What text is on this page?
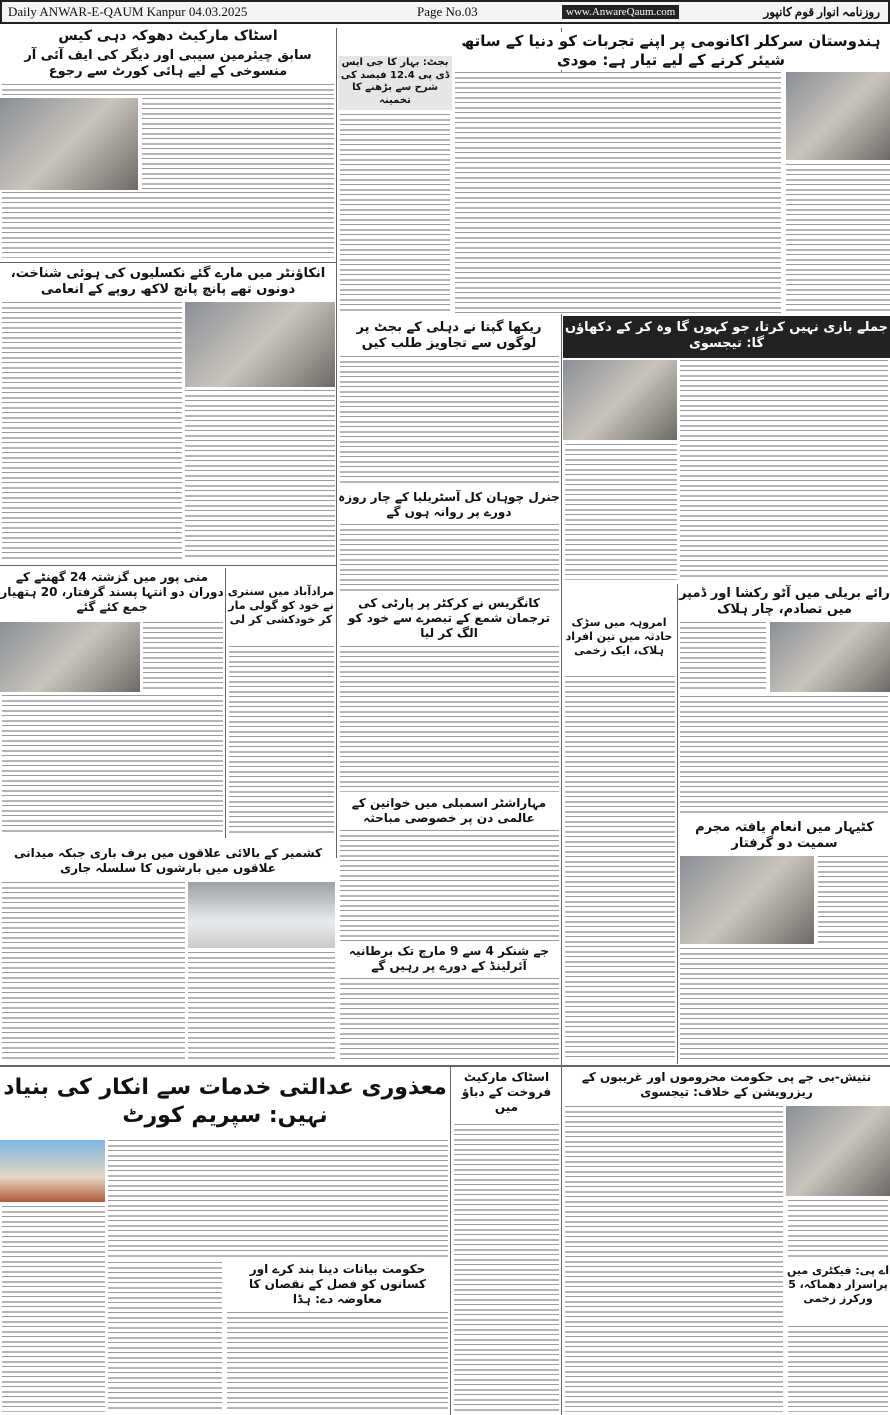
Daily ANWAR-E-QAUM Kanpur 04.03.2025	Page No.03	www.AnwareQaum.com	روزنامہ انوار قوم کانپور
ہندوستان سرکلر اکانومی پر اپنے تجربات کو دنیا کے ساتھ شیئر کرنے کے لیے تیار ہے: مودی
بجٹ: بہار کا جی ایس ڈی پی 12.4 فیصد کی شرح سے بڑھنے کا تخمینہ
اسٹاک مارکیٹ دھوکہ دہی کیس
سابق چیئرمین سیبی اور دیگر کی ایف آئی آر منسوخی کے لیے ہائی کورٹ سے رجوع
انکاؤنٹر میں مارے گئے نکسلیوں کی ہوئی شناخت، دونوں تھے پانچ پانچ لاکھ روپے کے انعامی
ریکھا گپتا نے دہلی کے بجٹ پر لوگوں سے تجاویز طلب کیں
جنرل چوہان کل آسٹریلیا کے چار روزہ دورے پر روانہ ہوں گے
جملے بازی نہیں کرتا، جو کہوں گا وہ کر کے دکھاؤں گا: تیجسوی
منی پور میں گزشتہ 24 گھنٹے کے دوران دو انتہا پسند گرفتار، 20 ہتھیار جمع کئے گئے
مرادآباد میں سنتری نے خود کو گولی مار کر خودکشی کر لی
کانگریس نے کرکٹر پر پارٹی کی ترجمان شمع کے تبصرے سے خود کو الگ کر لیا
مہاراشٹر اسمبلی میں خواتین کے عالمی دن پر خصوصی مباحثہ
جے شنکر 4 سے 9 مارچ تک برطانیہ آئرلینڈ کے دورے پر رہیں گے
امروہہ میں سڑک حادثہ میں تین افراد ہلاک، ایک زخمی
رائے بریلی میں آٹو رکشا اور ڈمپر میں تصادم، چار ہلاک
کٹیہار میں انعام یافتہ مجرم سمیت دو گرفتار
کشمیر کے بالائی علاقوں میں برف باری جبکہ میدانی علاقوں میں بارشوں کا سلسلہ جاری
معذوری عدالتی خدمات سے انکار کی بنیاد نہیں: سپریم کورٹ
حکومت بیانات دینا بند کرے اور کسانوں کو فصل کے نقصان کا معاوضہ دے: ہڈا
اسٹاک مارکیٹ فروخت کے دباؤ میں
نتیش-بی جے پی حکومت محروموں اور غریبوں کے ریزرویشن کے خلاف: تیجسوی
اے پی: فیکٹری میں پراسرار دھماکہ، 5 ورکرز زخمی
